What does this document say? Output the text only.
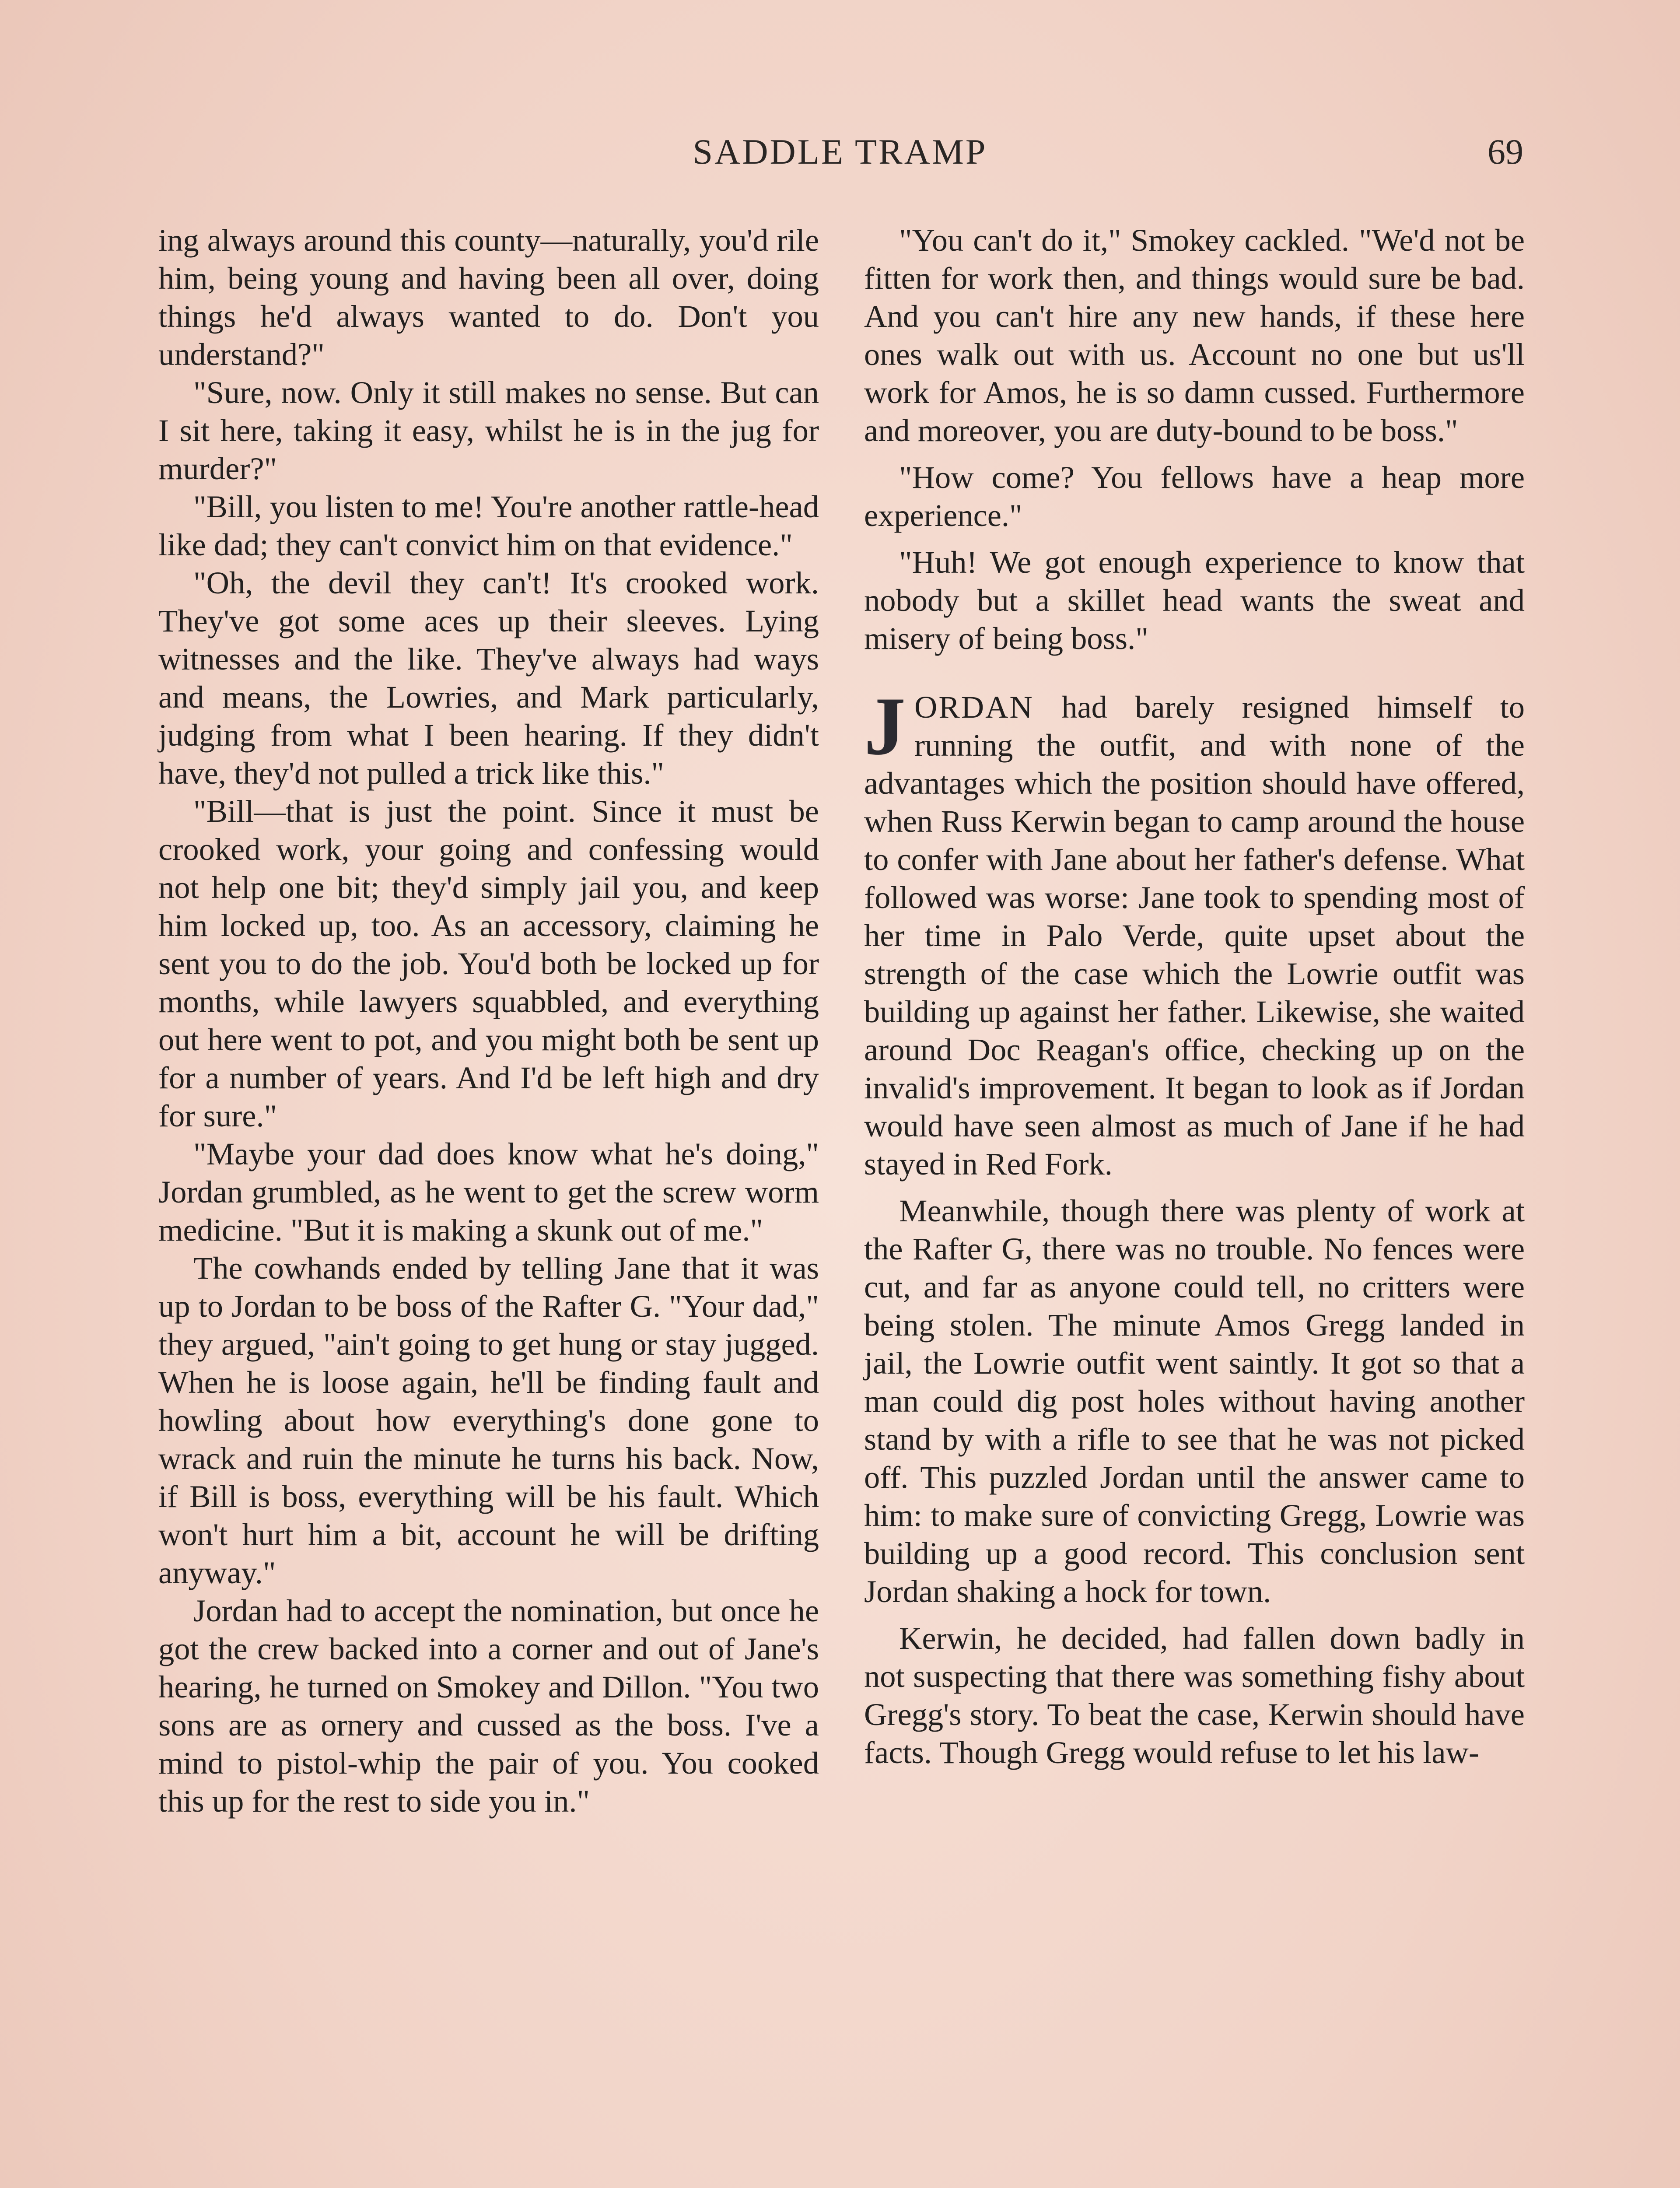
SADDLE TRAMP	69

ing always around this county—naturally, you'd rile him, being young and having been all over, doing things he'd always wanted to do. Don't you understand?"

"Sure, now. Only it still makes no sense. But can I sit here, taking it easy, whilst he is in the jug for murder?"

"Bill, you listen to me! You're another rattle-head like dad; they can't convict him on that evidence."

"Oh, the devil they can't! It's crooked work. They've got some aces up their sleeves. Lying witnesses and the like. They've always had ways and means, the Lowries, and Mark particularly, judging from what I been hearing. If they didn't have, they'd not pulled a trick like this."

"Bill—that is just the point. Since it must be crooked work, your going and confessing would not help one bit; they'd simply jail you, and keep him locked up, too. As an accessory, claiming he sent you to do the job. You'd both be locked up for months, while lawyers squabbled, and everything out here went to pot, and you might both be sent up for a number of years. And I'd be left high and dry for sure."

"Maybe your dad does know what he's doing," Jordan grumbled, as he went to get the screw worm medicine. "But it is making a skunk out of me."

The cowhands ended by telling Jane that it was up to Jordan to be boss of the Rafter G. "Your dad," they argued, "ain't going to get hung or stay jugged. When he is loose again, he'll be finding fault and howling about how everything's done gone to wrack and ruin the minute he turns his back. Now, if Bill is boss, everything will be his fault. Which won't hurt him a bit, account he will be drifting anyway."

Jordan had to accept the nomination, but once he got the crew backed into a corner and out of Jane's hearing, he turned on Smokey and Dillon. "You two sons are as ornery and cussed as the boss. I've a mind to pistol-whip the pair of you. You cooked this up for the rest to side you in."

"You can't do it," Smokey cackled. "We'd not be fitten for work then, and things would sure be bad. And you can't hire any new hands, if these here ones walk out with us. Account no one but us'll work for Amos, he is so damn cussed. Furthermore and moreover, you are duty-bound to be boss."

"How come? You fellows have a heap more experience."

"Huh! We got enough experience to know that nobody but a skillet head wants the sweat and misery of being boss."

JORDAN had barely resigned himself to running the outfit, and with none of the advantages which the position should have offered, when Russ Kerwin began to camp around the house to confer with Jane about her father's defense. What followed was worse: Jane took to spending most of her time in Palo Verde, quite upset about the strength of the case which the Lowrie outfit was building up against her father. Likewise, she waited around Doc Reagan's office, checking up on the invalid's improvement. It began to look as if Jordan would have seen almost as much of Jane if he had stayed in Red Fork.

Meanwhile, though there was plenty of work at the Rafter G, there was no trouble. No fences were cut, and far as anyone could tell, no critters were being stolen. The minute Amos Gregg landed in jail, the Lowrie outfit went saintly. It got so that a man could dig post holes without having another stand by with a rifle to see that he was not picked off. This puzzled Jordan until the answer came to him: to make sure of convicting Gregg, Lowrie was building up a good record. This conclusion sent Jordan shaking a hock for town.

Kerwin, he decided, had fallen down badly in not suspecting that there was something fishy about Gregg's story. To beat the case, Kerwin should have facts. Though Gregg would refuse to let his law-
